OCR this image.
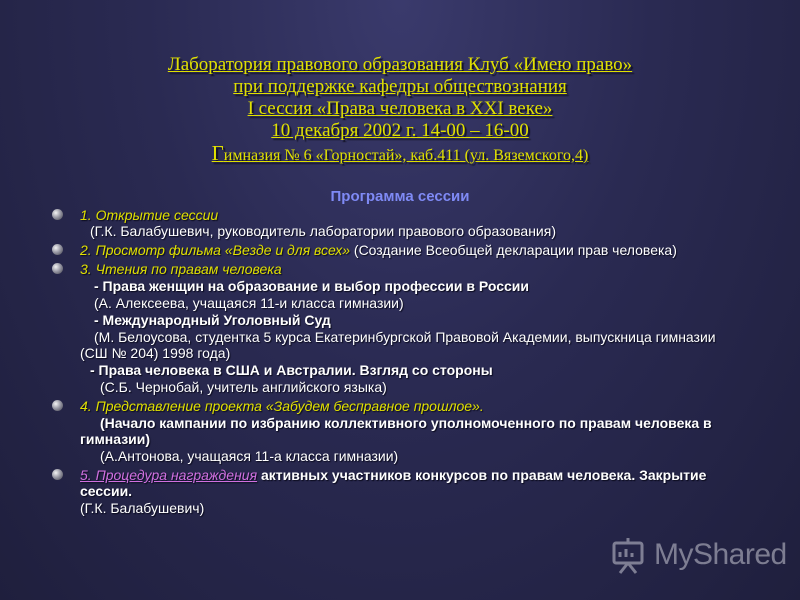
Лаборатория правового образования Клуб «Имею право»
при поддержке кафедры обществознания
I сессия «Права человека в XXI веке»
10 декабря 2002 г. 14-00 – 16-00
Гимназия № 6 «Горностай», каб.411 (ул. Вяземского,4)
Программа сессии
1. Открытие сессии
(Г.К. Балабушевич, руководитель лаборатории правового образования)
2. Просмотр фильма «Везде и для всех» (Создание Всеобщей декларации прав человека)
3. Чтения по правам человека
- Права женщин на образование и выбор профессии в России
(А. Алексеева, учащаяся 11-и класса гимназии)
- Международный Уголовный Суд
(М. Белоусова, студентка 5 курса Екатеринбургской Правовой Академии, выпускница гимназии (СШ № 204) 1998 года)
- Права человека в США и Австралии. Взгляд со стороны
(С.Б. Чернобай, учитель английского языка)
4. Представление проекта «Забудем бесправное прошлое».
(Начало кампании по избранию коллективного уполномоченного по правам человека в гимназии)
(А.Антонова, учащаяся 11-а класса гимназии)
5. Процедура награждения активных участников конкурсов по правам человека. Закрытие сессии.
(Г.К. Балабушевич)
MyShared
